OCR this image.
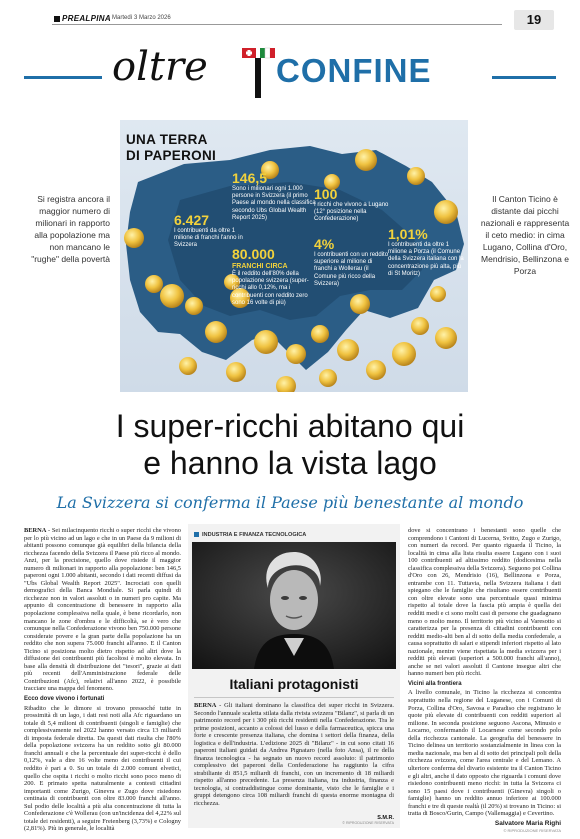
PREALPINA Martedì 3 Marzo 2026	19
oltre CONFINE
Si registra ancora il maggior numero di milionari in rapporto alla popolazione ma non mancano le "rughe" della povertà
Il Canton Ticino è distante dai picchi nazionali e rappresenta il ceto medio: in cima Lugano, Collina d'Oro, Mendrisio, Bellinzona e Porza
UNA TERRA
DI PAPERONI
6.427
I contribuenti da oltre 1 milione di franchi l'anno in Svizzera
146,5
Sono i milionari ogni 1.000 persone in Svizzera (il primo Paese al mondo nella classifica secondo Ubs Global Wealth Report 2025)
80.000
FRANCHI CIRCA
È il reddito dell'80% della popolazione svizzera (super-ricchi allo 0,12%, ma i contribuenti con reddito zero sono 16 volte di più)
100
I ricchi che vivono a Lugano (12° posizione nella Confederazione)
4%
I contribuenti con un reddito superiore al milione di franchi a Wollerau (il Comune più ricco della Svizzera)
1,01%
I contribuenti da oltre 1 milione a Porza (il Comune della Svizzera italiana con la concentrazione più alta, più di St Moritz)
I super-ricchi abitano qui
e hanno la vista lago
La Svizzera si conferma il Paese più benestante al mondo

BERNA - Sei milacinquento ricchi o super ricchi che vivono per lo più vicino ad un lago e che in un Paese da 9 milioni di abitanti possono comunque già equilibri della bilancia della ricchezza facendo della Svizzera il Paese più ricco al mondo. Anzi, per la precisione, quello dove risiede il maggior numero di milionari in rapporto alla popolazione: ben 146,5 paperoni ogni 1.000 abitanti, secondo i dati recenti diffusi da "Ubs Global Wealth Report 2025". Incrociati con quelli demografici della Banca Mondiale. Si parla quindi di ricchezze non in valori assoluti o in numeri pro capite. Ma appunto di concentrazione di benessere in rapporto alla popolazione complessiva nella quale, è bene ricordarlo, non mancano le zone d'ombra e le difficoltà, se è vero che comunque nella Confederazione vivono ben 750.000 persone considerate povere e la gran parte della popolazione ha un reddito che non supera 75.000 franchi all'anno. E il Canton Ticino si posiziona molto dietro rispetto ad altri dove la diffusione dei contribuenti più facoltosi è molto elevata. In base alla densità di distribuzione dei "tesori", grazie ai dati più recenti dell'Amministrazione federale delle Contribuzioni (Afc), relativi all'anno 2022, è possibile tracciare una mappa del fenomeno.

Ecco dove vivono i fortunati

Ribadito che le dimore si trovano pressoché tutte in prossimità di un lago, i dati resi noti alla Afc riguardano un totale di 5,4 milioni di contribuenti (singoli e famiglie) che complessivamente nel 2022 hanno versato circa 13 miliardi di imposta federale diretta. Da questi dati risulta che l'80% della popolazione svizzera ha un reddito sotto gli 80.000 franchi annuali e che la percentuale dei super-ricchi è dello 0,12%, vale a dire 16 volte meno dei contribuenti il cui reddito è pari a 0. Su un totale di 2.000 comuni elvetici, quello che ospita i ricchi o molto ricchi sono poco meno di 200. E primato spetta naturalmente a contesti cittadini importanti come Zurigo, Ginevra e Zugo dove risiedono centinaia di contribuenti con oltre 83.000 franchi all'anno. Sul podio delle località a più alta concentrazione di tutta la Confederazione c'è Wollerau (con un'incidenza del 4,22% sul totale dei residenti), a seguire Freienberg (3,73%) e Cologny (2,81%). Più in generale, le località

INDUSTRIA E FINANZA TECNOLOGICA
Italiani protagonisti
BERNA - Gli italiani dominano la classifica dei super ricchi in Svizzera. Secondo l'annuale scaletta stilata dalla rivista svizzera "Bilanz", si parla di un patrimonio record per i 300 più ricchi residenti nella Confederazione. Tra le prime posizioni, accanto a colossi del lusso e della farmaceutica, spicca una forte e crescente presenza italiana, che domina i settori della finanza, della logistica e dell'industria. L'edizione 2025 di "Bilanz" - in cui sono citati 16 paperoni italiani guidati da Andrea Pignataro (nella foto Ansa), il re della finanza tecnologica - ha segnato un nuovo record assoluto: il patrimonio complessivo dei paperoni della Confederazione ha raggiunto la cifra strabiliante di 851,5 miliardi di franchi, con un incremento di 18 miliardi rispetto all'anno precedente. La presenza italiana, tra industria, finanza e tecnologia, si contraddistingue come dominante, visto che le famiglie e i gruppi detengono circa 108 miliardi franchi di questa enorme montagna di ricchezza.
S.M.R.
© RIPRODUZIONE RISERVATA

dove si concentrano i benestanti sono quelle che comprendono i Cantoni di Lucerna, Svitto, Zugo e Zurigo, con numeri da record. Per quanto riguarda il Ticino, la località in cima alla lista risulta essere Lugano con i suoi 100 contribuenti ad altissimo reddito (dodicesima nella classifica complessiva della Svizzera). Seguono poi Collina d'Oro con 26, Mendrisio (16), Bellinzona e Porza, entrambe con 11. Tuttavia, nella Svizzera italiana i dati spiegano che le famiglie che risultano essere contribuenti con oltre elevate sono una percentuale quasi minima rispetto al totale dove la fascia più ampia è quella dei redditi medi e ci sono molti casi di persone che guadagnano meno o molto meno. Il territorio più vicino al Varesotto si caratterizza per la presenza di cittadini contribuenti con redditi medio-alti ben al di sotto della media confederale, a causa soprattutto di salari e stipendi inferiori rispetto al lato nazionale, mentre viene rispettata la media svizzera per i redditi più elevati (superiori a 500.000 franchi all'anno), anche se nei valori assoluti il Cantone insegue altri che hanno numeri ben più ricchi.

Vicini alla frontiera

A livello comunale, in Ticino la ricchezza si concentra soprattutto nella regione del Luganese, con i Comuni di Porza, Collina d'Oro, Savosa e Paradiso che registrano le quote più elevate di contribuenti con redditi superiori al milione. In seconda posizione seguono Ascona, Minusio e Locarno, confermando il Locarnese come secondo polo della ricchezza cantonale. La geografia del benessere in Ticino delinea un territorio sostanzialmente in linea con la media nazionale, ma ben al di sotto dei principali poli della ricchezza svizzera, come l'area centrale e del Lemano. A ulteriore conferma del divario esistente tra il Canton Ticino e gli altri, anche il dato opposto che riguarda i comuni dove risiedono contribuenti meno ricchi: in tutta la Svizzera ci sono 15 paesi dove i contribuenti (Ginevra) singoli o famiglie) hanno un reddito annuo inferiore ai 100.000 franchi e tre di queste realtà (il 20%) si trovano in Ticino: si tratta di Bosco/Gurin, Campo (Vallemaggia) e Cevertino.

Salvatore Maria Righi
© RIPRODUZIONE RISERVATA
